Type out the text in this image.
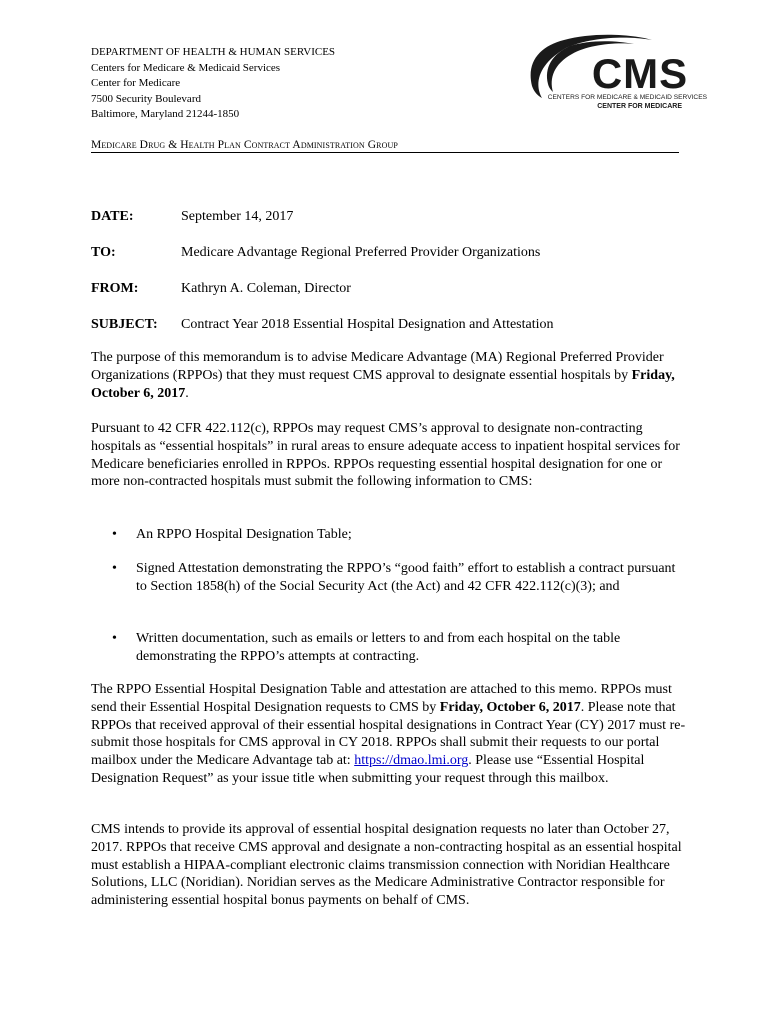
DEPARTMENT OF HEALTH & HUMAN SERVICES
Centers for Medicare & Medicaid Services
Center for Medicare
7500 Security Boulevard
Baltimore, Maryland 21244-1850
CMS
CENTERS FOR MEDICARE & MEDICAID SERVICES
CENTER FOR MEDICARE
Medicare Drug & Health Plan Contract Administration Group
DATE:	September 14, 2017
TO:	Medicare Advantage Regional Preferred Provider Organizations
FROM:	Kathryn A. Coleman, Director
SUBJECT: Contract Year 2018 Essential Hospital Designation and Attestation

The purpose of this memorandum is to advise Medicare Advantage (MA) Regional Preferred Provider Organizations (RPPOs) that they must request CMS approval to designate essential hospitals by Friday, October 6, 2017.

Pursuant to 42 CFR 422.112(c), RPPOs may request CMS’s approval to designate non-contracting hospitals as “essential hospitals” in rural areas to ensure adequate access to inpatient hospital services for Medicare beneficiaries enrolled in RPPOs. RPPOs requesting essential hospital designation for one or more non-contracted hospitals must submit the following information to CMS:

• An RPPO Hospital Designation Table;
• Signed Attestation demonstrating the RPPO’s “good faith” effort to establish a contract pursuant to Section 1858(h) of the Social Security Act (the Act) and 42 CFR 422.112(c)(3); and
• Written documentation, such as emails or letters to and from each hospital on the table demonstrating the RPPO’s attempts at contracting.

The RPPO Essential Hospital Designation Table and attestation are attached to this memo. RPPOs must send their Essential Hospital Designation requests to CMS by Friday, October 6, 2017. Please note that RPPOs that received approval of their essential hospital designations in Contract Year (CY) 2017 must re-submit those hospitals for CMS approval in CY 2018. RPPOs shall submit their requests to our portal mailbox under the Medicare Advantage tab at: https://dmao.lmi.org. Please use “Essential Hospital Designation Request” as your issue title when submitting your request through this mailbox.

CMS intends to provide its approval of essential hospital designation requests no later than October 27, 2017. RPPOs that receive CMS approval and designate a non-contracting hospital as an essential hospital must establish a HIPAA-compliant electronic claims transmission connection with Noridian Healthcare Solutions, LLC (Noridian). Noridian serves as the Medicare Administrative Contractor responsible for administering essential hospital bonus payments on behalf of CMS.
